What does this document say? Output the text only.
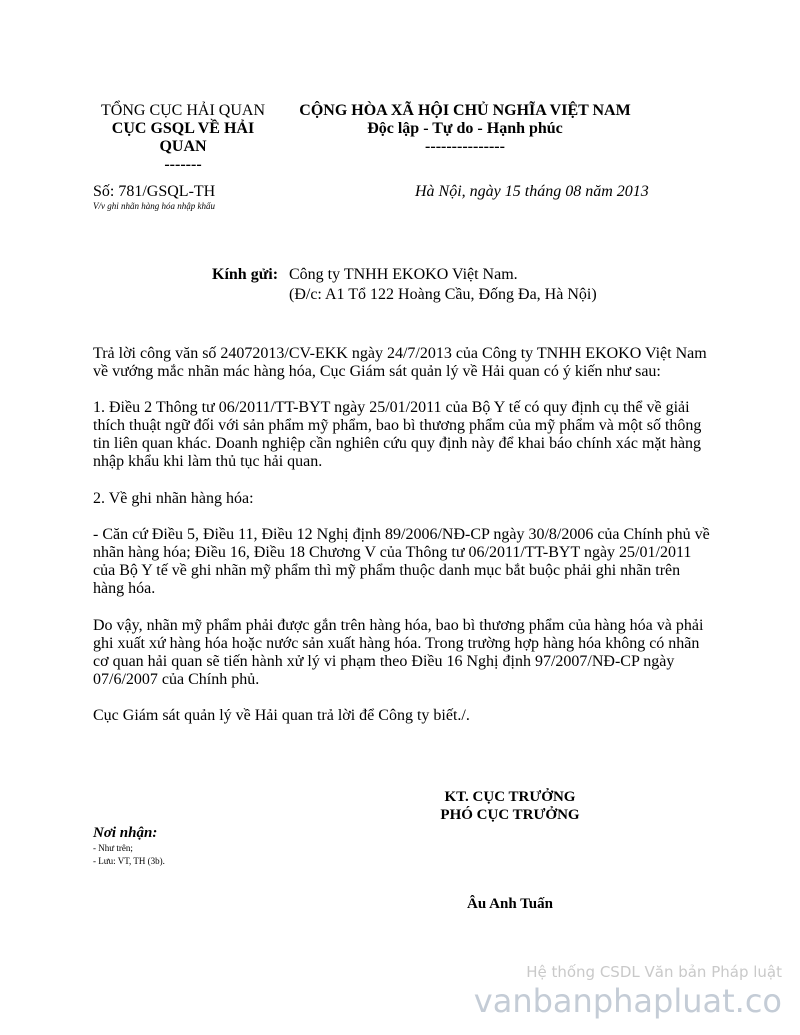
TỔNG CỤC HẢI QUAN
CỤC GSQL VỀ HẢI QUAN
-------
CỘNG HÒA XÃ HỘI CHỦ NGHĨA VIỆT NAM
Độc lập - Tự do - Hạnh phúc
---------------
Số: 781/GSQL-TH
V/v ghi nhãn hàng hóa nhập khẩu
Hà Nội, ngày 15 tháng 08 năm 2013
Kính gửi: Công ty TNHH EKOKO Việt Nam.
(Đ/c: A1 Tổ 122 Hoàng Cầu, Đống Đa, Hà Nội)
Trả lời công văn số 24072013/CV-EKK ngày 24/7/2013 của Công ty TNHH EKOKO Việt Nam về vướng mắc nhãn mác hàng hóa, Cục Giám sát quản lý về Hải quan có ý kiến như sau:
1. Điều 2 Thông tư 06/2011/TT-BYT ngày 25/01/2011 của Bộ Y tế có quy định cụ thể về giải thích thuật ngữ đối với sản phẩm mỹ phẩm, bao bì thương phẩm của mỹ phẩm và một số thông tin liên quan khác. Doanh nghiệp cần nghiên cứu quy định này để khai báo chính xác mặt hàng nhập khẩu khi làm thủ tục hải quan.
2. Về ghi nhãn hàng hóa:
- Căn cứ Điều 5, Điều 11, Điều 12 Nghị định 89/2006/NĐ-CP ngày 30/8/2006 của Chính phủ về nhãn hàng hóa; Điều 16, Điều 18 Chương V của Thông tư 06/2011/TT-BYT ngày 25/01/2011 của Bộ Y tế về ghi nhãn mỹ phẩm thì mỹ phẩm thuộc danh mục bắt buộc phải ghi nhãn trên hàng hóa.
Do vậy, nhãn mỹ phẩm phải được gắn trên hàng hóa, bao bì thương phẩm của hàng hóa và phải ghi xuất xứ hàng hóa hoặc nước sản xuất hàng hóa. Trong trường hợp hàng hóa không có nhãn cơ quan hải quan sẽ tiến hành xử lý vi phạm theo Điều 16 Nghị định 97/2007/NĐ-CP ngày 07/6/2007 của Chính phủ.
Cục Giám sát quản lý về Hải quan trả lời để Công ty biết./.
KT. CỤC TRƯỞNG
PHÓ CỤC TRƯỞNG
Âu Anh Tuấn
Nơi nhận:
- Như trên;
- Lưu: VT, TH (3b).
Hệ thống CSDL Văn bản Pháp luật
vanbanphapluat.co
